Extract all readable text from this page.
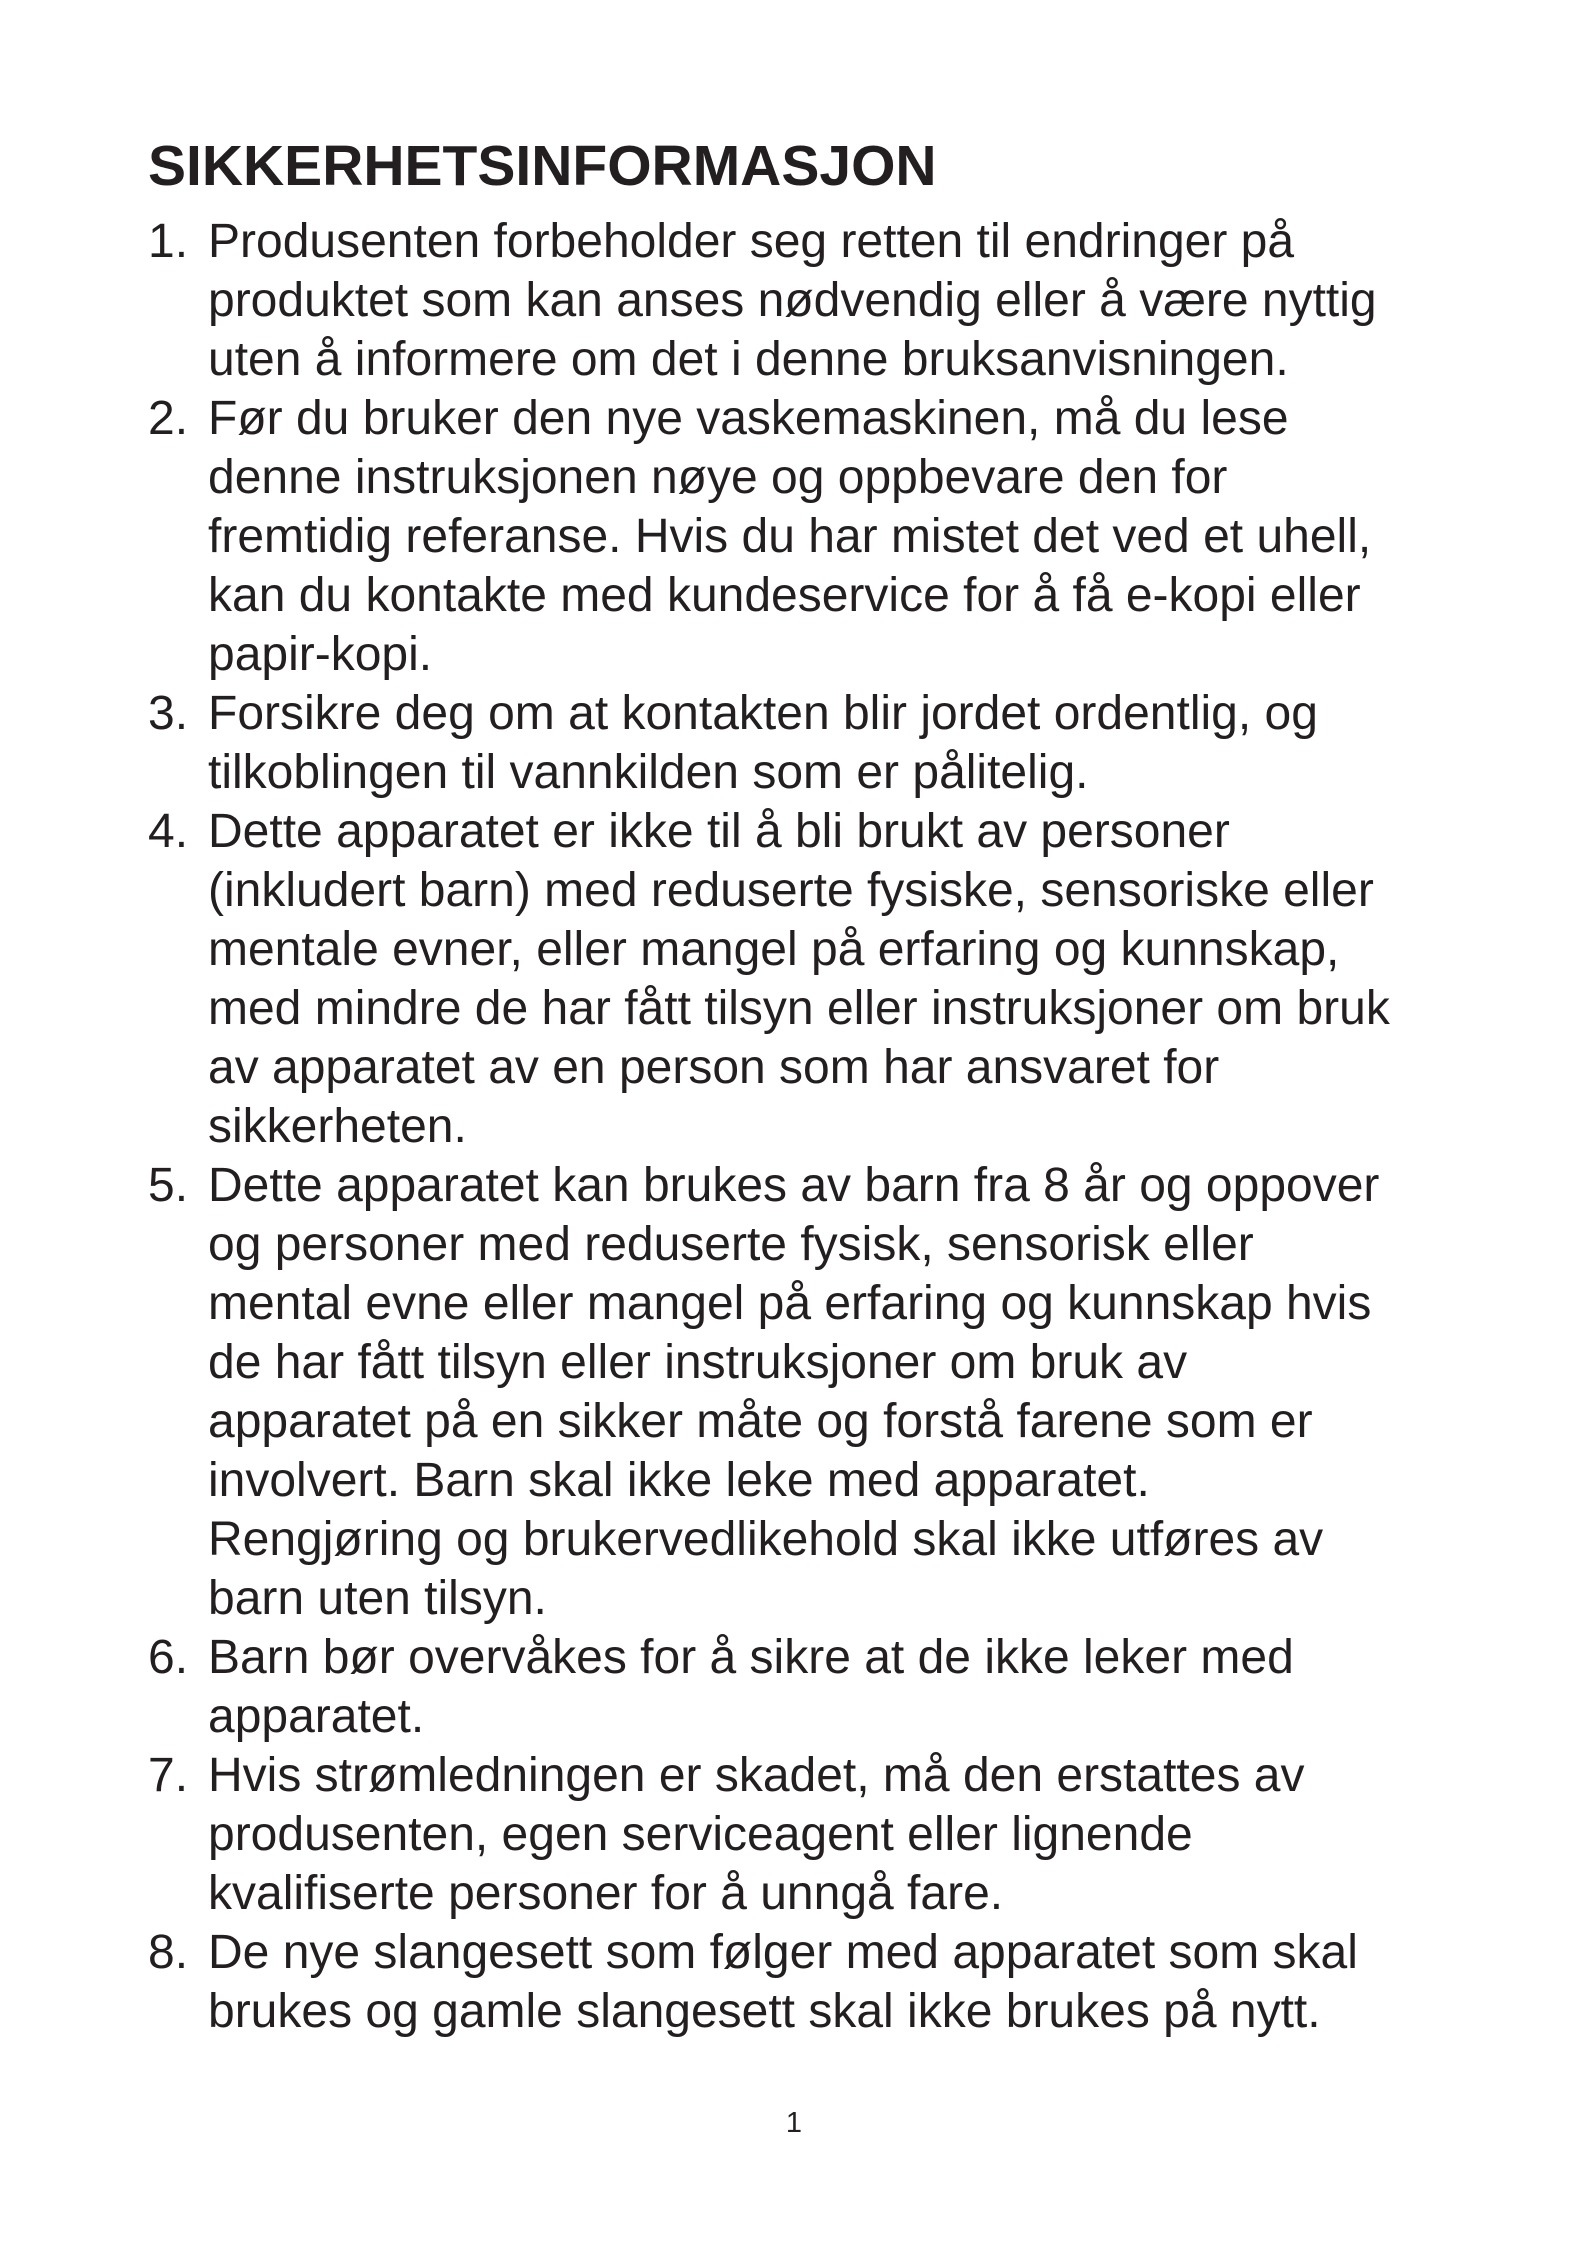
SIKKERHETSINFORMASJON
1. Produsenten forbeholder seg retten til endringer på
produktet som kan anses nødvendig eller å være nyttig
uten å informere om det i denne bruksanvisningen.
2. Før du bruker den nye vaskemaskinen, må du lese
denne instruksjonen nøye og oppbevare den for
fremtidig referanse. Hvis du har mistet det ved et uhell,
kan du kontakte med kundeservice for å få e-kopi eller
papir-kopi.
3. Forsikre deg om at kontakten blir jordet ordentlig, og
tilkoblingen til vannkilden som er pålitelig.
4. Dette apparatet er ikke til å bli brukt av personer
(inkludert barn) med reduserte fysiske, sensoriske eller
mentale evner, eller mangel på erfaring og kunnskap,
med mindre de har fått tilsyn eller instruksjoner om bruk
av apparatet av en person som har ansvaret for
sikkerheten.
5. Dette apparatet kan brukes av barn fra 8 år og oppover
og personer med reduserte fysisk, sensorisk eller
mental evne eller mangel på erfaring og kunnskap hvis
de har fått tilsyn eller instruksjoner om bruk av
apparatet på en sikker måte og forstå farene som er
involvert. Barn skal ikke leke med apparatet.
Rengjøring og brukervedlikehold skal ikke utføres av
barn uten tilsyn.
6. Barn bør overvåkes for å sikre at de ikke leker med
apparatet.
7. Hvis strømledningen er skadet, må den erstattes av
produsenten, egen serviceagent eller lignende
kvalifiserte personer for å unngå fare.
8. De nye slangesett som følger med apparatet som skal
brukes og gamle slangesett skal ikke brukes på nytt.
1
